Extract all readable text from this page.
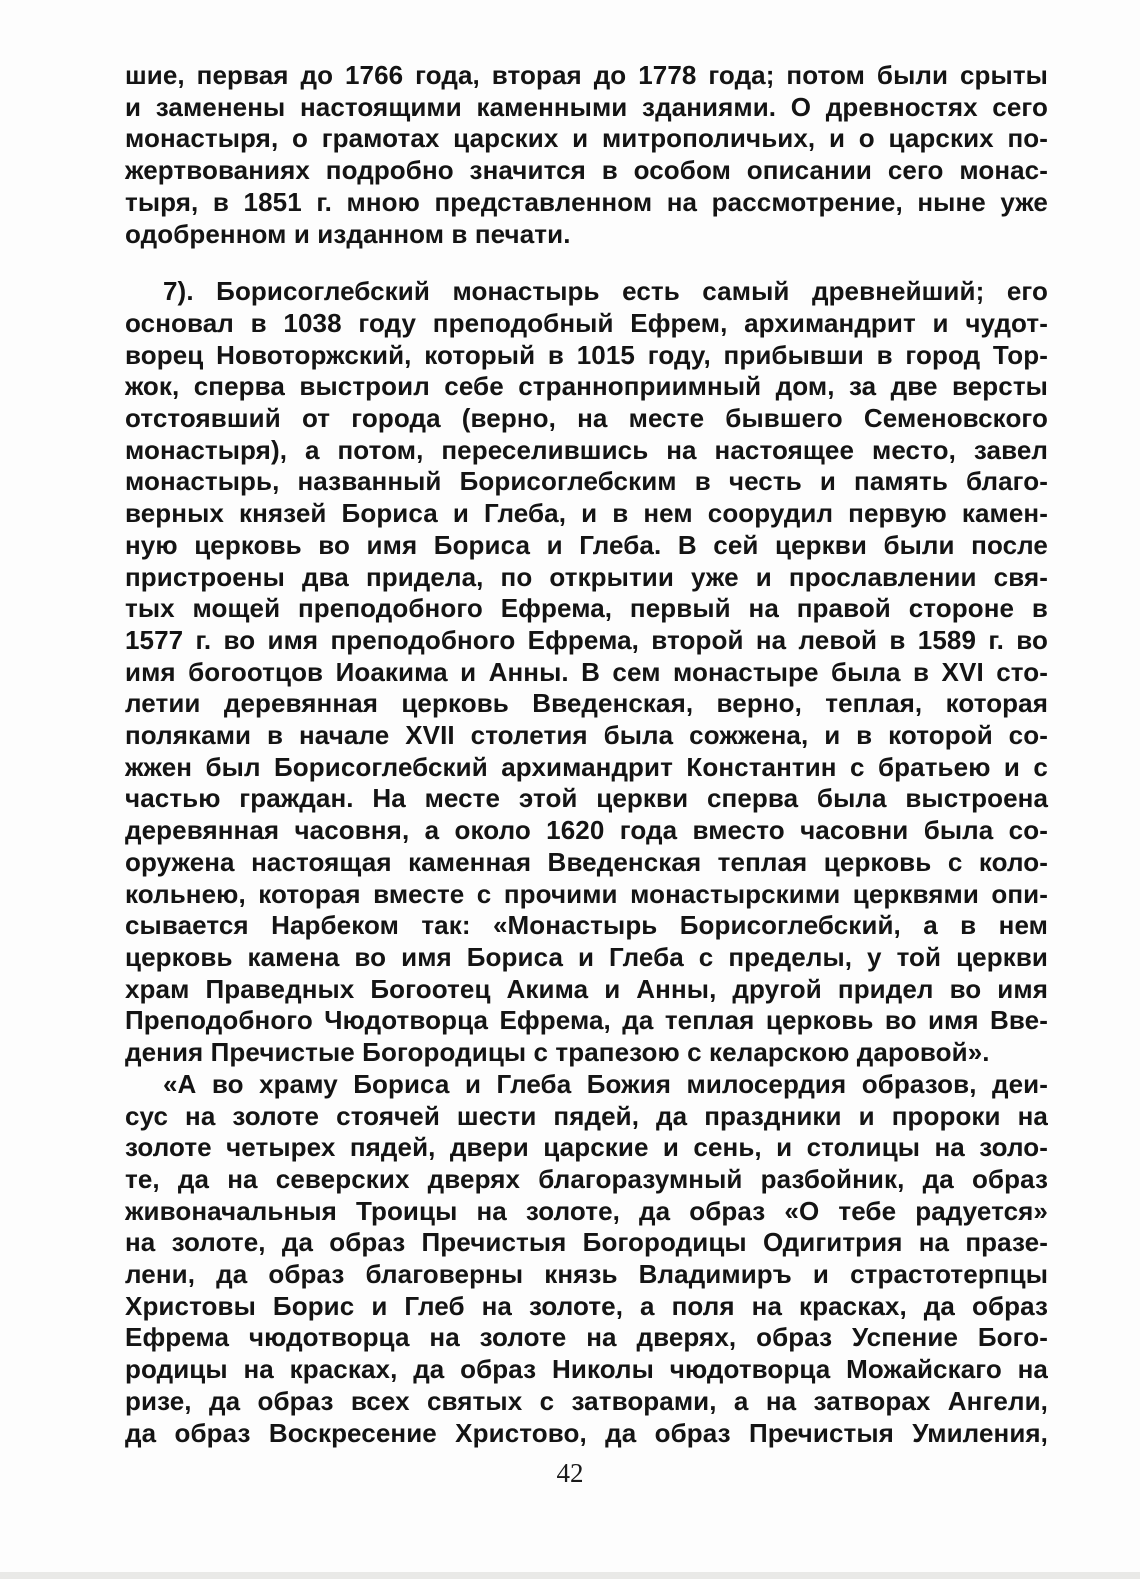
шие, первая до 1766 года, вторая до 1778 года; потом были срыты
и заменены настоящими каменными зданиями. О древностях сего
монастыря, о грамотах царских и митрополичьих, и о царских по-
жертвованиях подробно значится в особом описании сего монас-
тыря, в 1851 г. мною представленном на рассмотрение, ныне уже
одобренном и изданном в печати.
7). Борисоглебский монастырь есть самый древнейший; его
основал в 1038 году преподобный Ефрем, архимандрит и чудот-
ворец Новоторжский, который в 1015 году, прибывши в город Тор-
жок, сперва выстроил себе странноприимный дом, за две версты
отстоявший от города (верно, на месте бывшего Семеновского
монастыря), а потом, переселившись на настоящее место, завел
монастырь, названный Борисоглебским в честь и память благо-
верных князей Бориса и Глеба, и в нем соорудил первую камен-
ную церковь во имя Бориса и Глеба. В сей церкви были после
пристроены два придела, по открытии уже и прославлении свя-
тых мощей преподобного Ефрема, первый на правой стороне в
1577 г. во имя преподобного Ефрема, второй на левой в 1589 г. во
имя богоотцов Иоакима и Анны. В сем монастыре была в XVI сто-
летии деревянная церковь Введенская, верно, теплая, которая
поляками в начале XVII столетия была сожжена, и в которой со-
жжен был Борисоглебский архимандрит Константин с братьею и с
частью граждан. На месте этой церкви сперва была выстроена
деревянная часовня, а около 1620 года вместо часовни была со-
оружена настоящая каменная Введенская теплая церковь с коло-
кольнею, которая вместе с прочими монастырскими церквями опи-
сывается Нарбеком так: «Монастырь Борисоглебский, а в нем
церковь камена во имя Бориса и Глеба с пределы, у той церкви
храм Праведных Богоотец Акима и Анны, другой придел во имя
Преподобного Чюдотворца Ефрема, да теплая церковь во имя Вве-
дения Пречистые Богородицы с трапезою с келарскою даровой».
«А во храму Бориса и Глеба Божия милосердия образов, деи-
сус на золоте стоячей шести пядей, да праздники и пророки на
золоте четырех пядей, двери царские и сень, и столицы на золо-
те, да на северских дверях благоразумный разбойник, да образ
живоначальныя Троицы на золоте, да образ «О тебе радуется»
на золоте, да образ Пречистыя Богородицы Одигитрия на празе-
лени, да образ благоверны князь Владимиръ и страстотерпцы
Христовы Борис и Глеб на золоте, а поля на красках, да образ
Ефрема чюдотворца на золоте на дверях, образ Успение Бого-
родицы на красках, да образ Николы чюдотворца Можайскаго на
ризе, да образ всех святых с затворами, а на затворах Ангели,
да образ Воскресение Христово, да образ Пречистыя Умиления,
42
